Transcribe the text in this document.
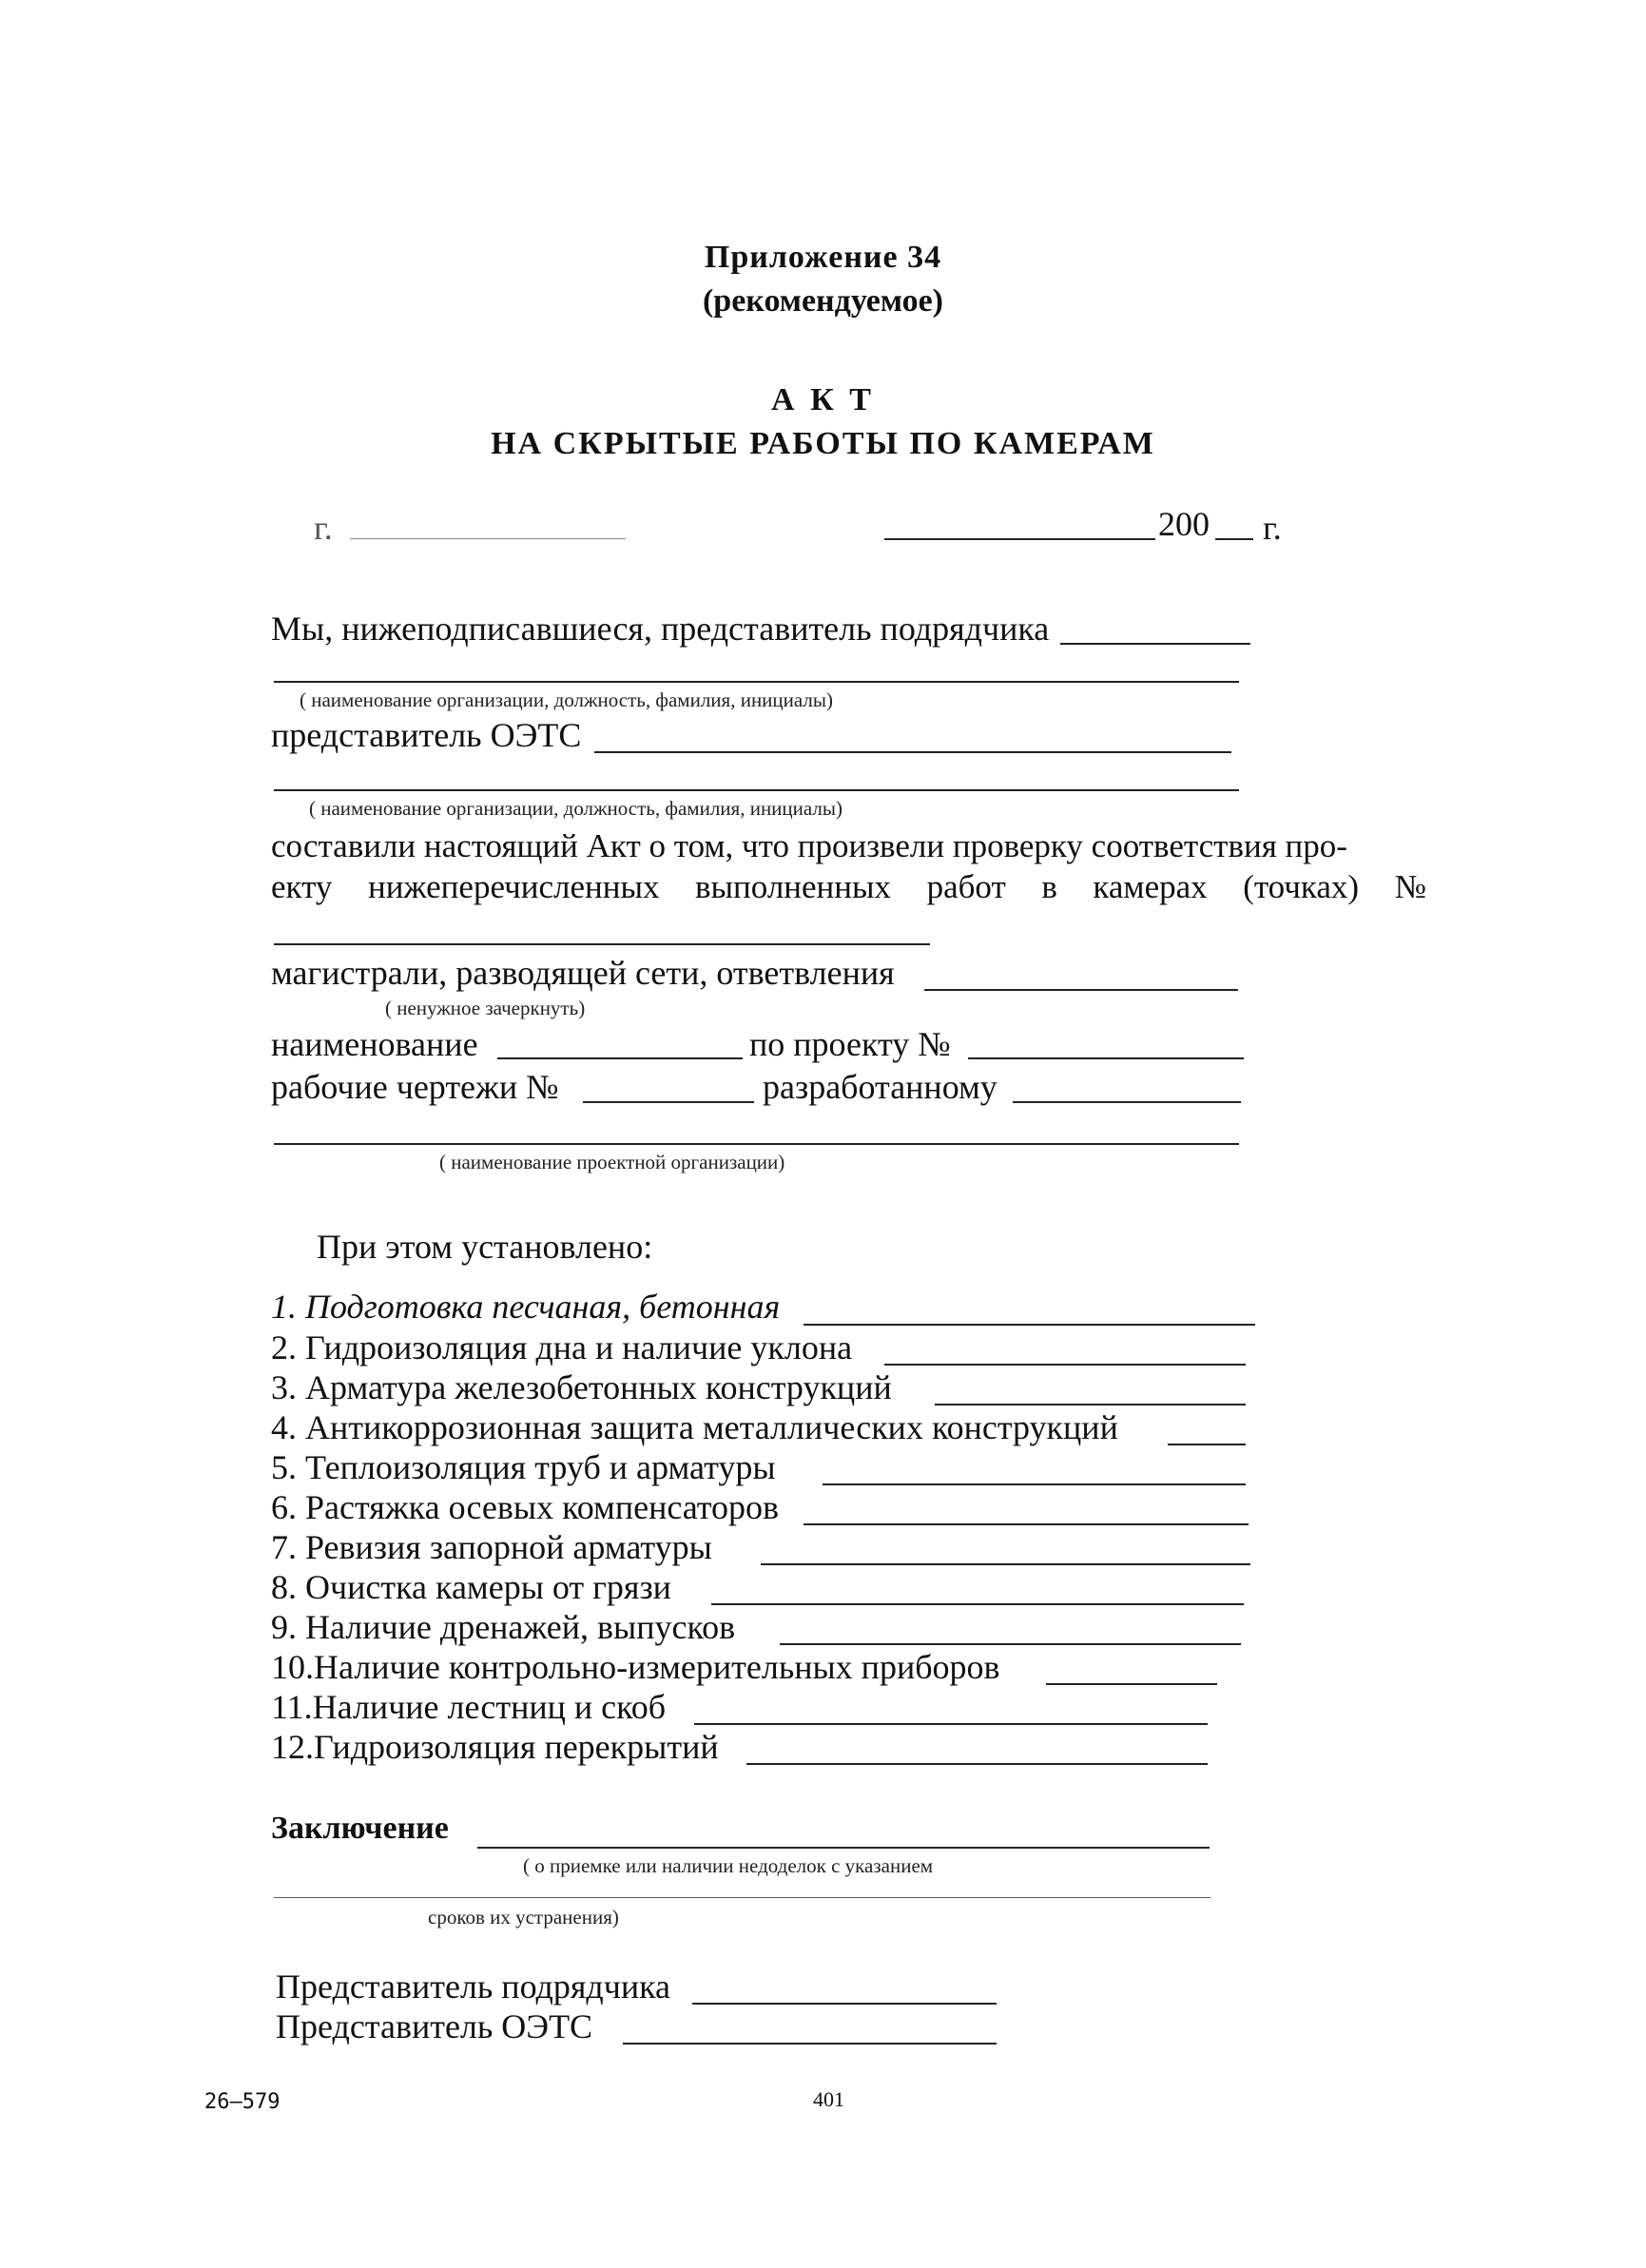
Приложение 34
(рекомендуемое)
А К Т
НА СКРЫТЫЕ РАБОТЫ ПО КАМЕРАМ
г.	200 г.
Мы, нижеподписавшиеся, представитель подрядчика
( наименование организации, должность, фамилия, инициалы)
представитель ОЭТС
( наименование организации, должность, фамилия, инициалы)
составили настоящий Акт о том, что произвели проверку соответствия про-
екту нижеперечисленных выполненных работ в камерах (точках) №
магистрали, разводящей сети, ответвления
( ненужное зачеркнуть)
наименование	по проекту №
рабочие чертежи №	разработанному
( наименование проектной организации)
При этом установлено:
1. Подготовка песчаная, бетонная
2. Гидроизоляция дна и наличие уклона
3. Арматура железобетонных конструкций
4. Антикоррозионная защита металлических конструкций
5. Теплоизоляция труб и арматуры
6. Растяжка осевых компенсаторов
7. Ревизия запорной арматуры
8. Очистка камеры от грязи
9. Наличие дренажей, выпусков
10.Наличие контрольно-измерительных приборов
11.Наличие лестниц и скоб
12.Гидроизоляция перекрытий
Заключение
( о приемке или наличии недоделок с указанием
сроков их устранения)
Представитель подрядчика
Представитель ОЭТС
26—579	401
